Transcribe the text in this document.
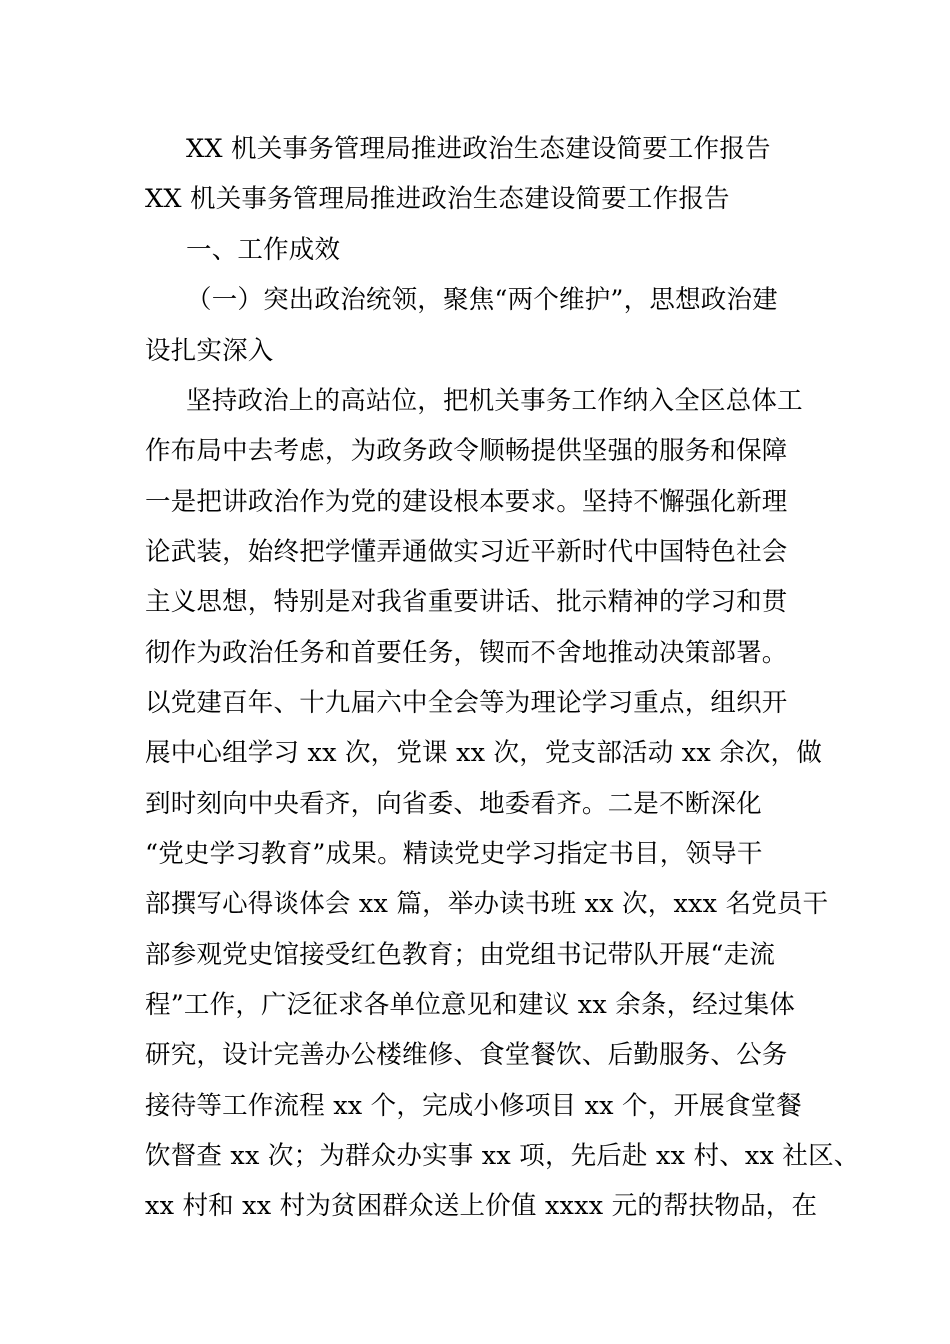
XX 机关事务管理局推进政治生态建设简要工作报告
XX 机关事务管理局推进政治生态建设简要工作报告
一、工作成效
（一）突出政治统领，聚焦“两个维护”，思想政治建
设扎实深入
坚持政治上的高站位，把机关事务工作纳入全区总体工
作布局中去考虑，为政务政令顺畅提供坚强的服务和保障
一是把讲政治作为党的建设根本要求。坚持不懈强化新理
论武装，始终把学懂弄通做实习近平新时代中国特色社会
主义思想，特别是对我省重要讲话、批示精神的学习和贯
彻作为政治任务和首要任务，锲而不舍地推动决策部署。
以党建百年、十九届六中全会等为理论学习重点，组织开
展中心组学习 xx 次，党课 xx 次，党支部活动 xx 余次，做
到时刻向中央看齐，向省委、地委看齐。二是不断深化
“党史学习教育”成果。精读党史学习指定书目，领导干
部撰写心得谈体会 xx 篇，举办读书班 xx 次，xxx 名党员干
部参观党史馆接受红色教育；由党组书记带队开展“走流
程”工作，广泛征求各单位意见和建议 xx 余条，经过集体
研究，设计完善办公楼维修、食堂餐饮、后勤服务、公务
接待等工作流程 xx 个，完成小修项目 xx 个，开展食堂餐
饮督查 xx 次；为群众办实事 xx 项，先后赴 xx 村、xx 社区、
xx 村和 xx 村为贫困群众送上价值 xxxx 元的帮扶物品，在
